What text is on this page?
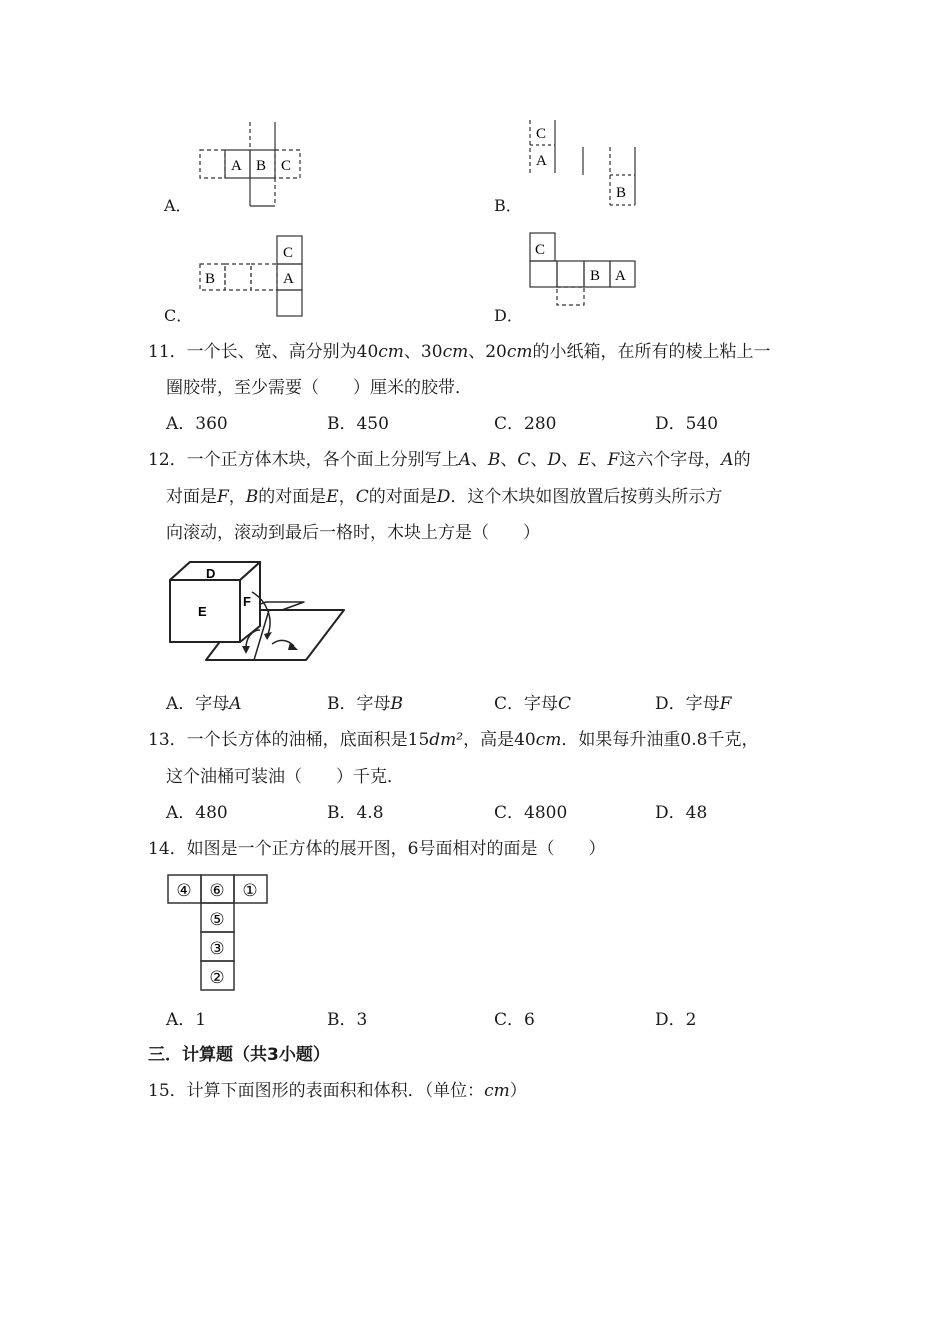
A．
A B C
B．
C
A
B
C．
C
B	A
D．
C
B A
11．一个长、宽、高分别为40cm、30cm、20cm的小纸箱，在所有的棱上粘上一
圈胶带，至少需要（　　）厘米的胶带．
A．360	B．450	C．280	D．540
12．一个正方体木块，各个面上分别写上A、B、C、D、E、F这六个字母，A的
对面是F，B的对面是E，C的对面是D．这个木块如图放置后按剪头所示方
向滚动，滚动到最后一格时，木块上方是（　　）
D
E
F
A．字母A	B．字母B	C．字母C	D．字母F
13．一个长方体的油桶，底面积是15dm²，高是40cm．如果每升油重0.8千克，
这个油桶可装油（　　）千克．
A．480	B．4.8	C．4800	D．48
14．如图是一个正方体的展开图，6号面相对的面是（　　）
④ ⑥ ①
⑤
③
②
A．1	B．3	C．6	D．2
三．计算题（共3小题）
15．计算下面图形的表面积和体积．（单位：cm）
